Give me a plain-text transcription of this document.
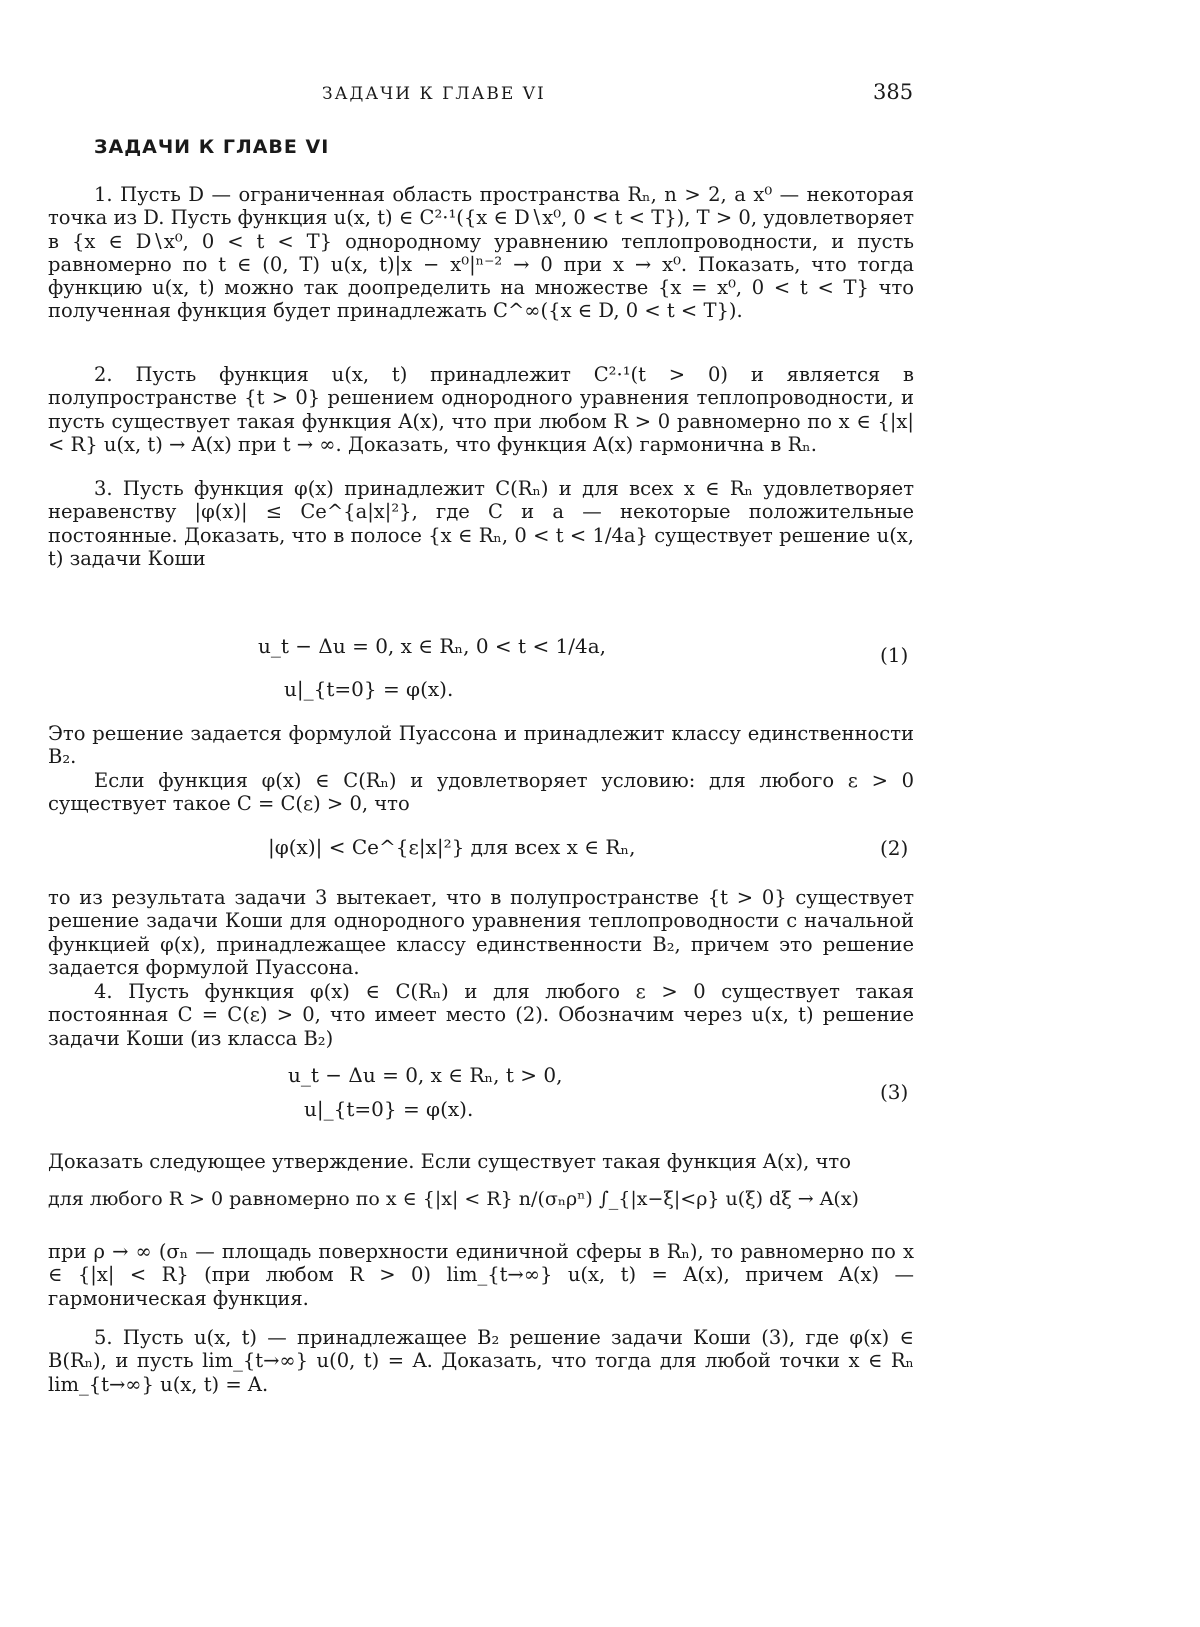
ЗАДАЧИ К ГЛАВЕ VI	385
ЗАДАЧИ К ГЛАВЕ VI
1. Пусть D — ограниченная область пространства Rₙ, n > 2, а x⁰ — некоторая точка из D. Пусть функция u(x, t) ∈ C²·¹({x ∈ D∖x⁰, 0 < t < T}), T > 0, удовлетворяет в {x ∈ D∖x⁰, 0 < t < T} однородному уравнению теплопроводности, и пусть равномерно по t ∈ (0, T) u(x, t)|x − x⁰|ⁿ⁻² → 0 при x → x⁰. Показать, что тогда функцию u(x, t) можно так доопределить на множестве {x = x⁰, 0 < t < T} что полученная функция будет принадлежать C^∞({x ∈ D, 0 < t < T}).
2. Пусть функция u(x, t) принадлежит C²·¹(t > 0) и является в полупространстве {t > 0} решением однородного уравнения теплопроводности, и пусть существует такая функция A(x), что при любом R > 0 равномерно по x ∈ {|x| < R} u(x, t) → A(x) при t → ∞. Доказать, что функция A(x) гармонична в Rₙ.
3. Пусть функция φ(x) принадлежит C(Rₙ) и для всех x ∈ Rₙ удовлетворяет неравенству |φ(x)| ≤ Ce^{a|x|²}, где C и a — некоторые положительные постоянные. Доказать, что в полосе {x ∈ Rₙ, 0 < t < 1/4a} существует решение u(x, t) задачи Коши
u_t − Δu = 0, x ∈ Rₙ, 0 < t < 1/4a,
u|_{t=0} = φ(x).
(1)
Это решение задается формулой Пуассона и принадлежит классу единственности B₂.
Если функция φ(x) ∈ C(Rₙ) и удовлетворяет условию: для любого ε > 0 существует такое C = C(ε) > 0, что
|φ(x)| < Ce^{ε|x|²} для всех x ∈ Rₙ,	(2)
то из результата задачи 3 вытекает, что в полупространстве {t > 0} существует решение задачи Коши для однородного уравнения теплопроводности с начальной функцией φ(x), принадлежащее классу единственности B₂, причем это решение задается формулой Пуассона.
4. Пусть функция φ(x) ∈ C(Rₙ) и для любого ε > 0 существует такая постоянная C = C(ε) > 0, что имеет место (2). Обозначим через u(x, t) решение задачи Коши (из класса B₂)
u_t − Δu = 0, x ∈ Rₙ, t > 0,
u|_{t=0} = φ(x).
(3)
Доказать следующее утверждение. Если существует такая функция A(x), что
для любого R > 0 равномерно по x ∈ {|x| < R} n/(σₙρⁿ) ∫_{|x−ξ|<ρ} u(ξ) dξ → A(x)
при ρ → ∞ (σₙ — площадь поверхности единичной сферы в Rₙ), то равномерно по x ∈ {|x| < R} (при любом R > 0) lim_{t→∞} u(x, t) = A(x), причем A(x) — гармоническая функция.
5. Пусть u(x, t) — принадлежащее B₂ решение задачи Коши (3), где φ(x) ∈ B(Rₙ), и пусть lim_{t→∞} u(0, t) = A. Доказать, что тогда для любой точки x ∈ Rₙ lim_{t→∞} u(x, t) = A.
